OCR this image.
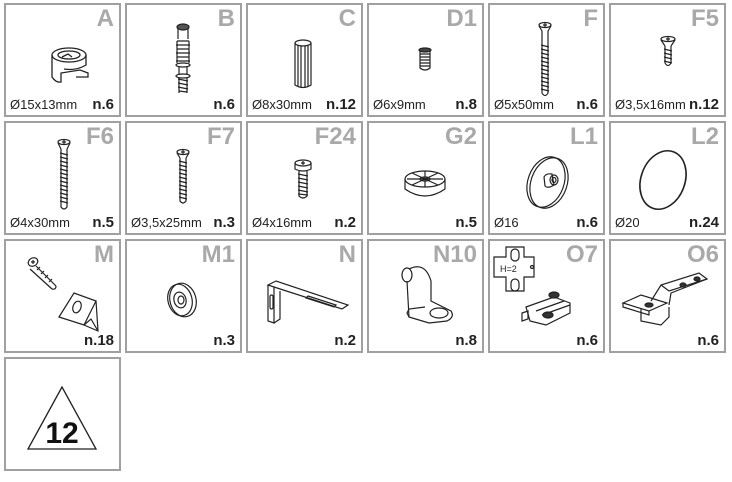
A
Ø15x13mm n.6
B
n.6
C
Ø8x30mm n.12
D1
Ø6x9mm n.8
F
Ø5x50mm n.6
F5
Ø3,5x16mm n.12
F6
Ø4x30mm n.5
F7
Ø3,5x25mm n.3
F24
Ø4x16mm n.2
G2
n.5
L1
Ø16	n.6
L2
Ø20	n.24
M
n.18
M1
n.3
N
n.2
N10
n.8
H=2
O7
n.6
O6
n.6
12
